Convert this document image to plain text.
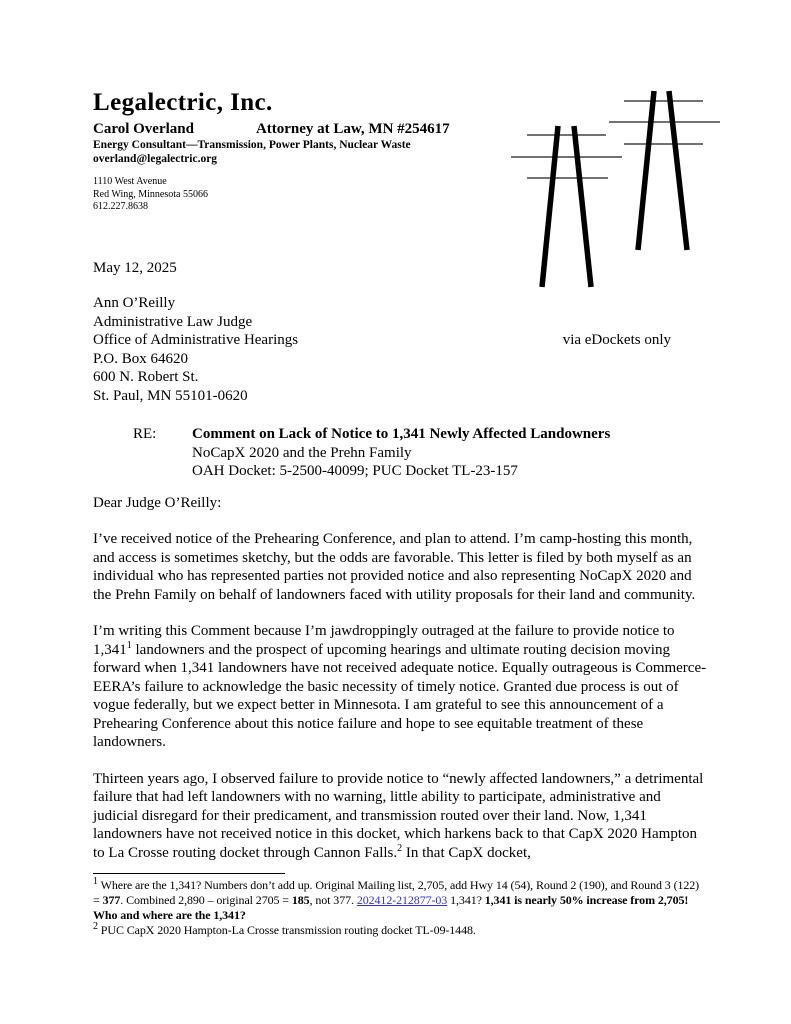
Legalectric, Inc.
Carol Overland	Attorney at Law, MN #254617
Energy Consultant—Transmission, Power Plants, Nuclear Waste
overland@legalectric.org
1110 West Avenue
Red Wing, Minnesota 55066
612.227.8638
May 12, 2025
Ann O’Reilly
Administrative Law Judge
Office of Administrative Hearings	via eDockets only
P.O. Box 64620
600 N. Robert St.
St. Paul, MN 55101-0620
RE:	Comment on Lack of Notice to 1,341 Newly Affected Landowners
NoCapX 2020 and the Prehn Family
OAH Docket: 5-2500-40099; PUC Docket TL-23-157
Dear Judge O’Reilly:

I’ve received notice of the Prehearing Conference, and plan to attend. I’m camp-hosting this month, and access is sometimes sketchy, but the odds are favorable. This letter is filed by both myself as an individual who has represented parties not provided notice and also representing NoCapX 2020 and the Prehn Family on behalf of landowners faced with utility proposals for their land and community.

I’m writing this Comment because I’m jawdroppingly outraged at the failure to provide notice to 1,341$^1$ landowners and the prospect of upcoming hearings and ultimate routing decision moving forward when 1,341 landowners have not received adequate notice. Equally outrageous is Commerce-EERA’s failure to acknowledge the basic necessity of timely notice. Granted due process is out of vogue federally, but we expect better in Minnesota. I am grateful to see this announcement of a Prehearing Conference about this notice failure and hope to see equitable treatment of these landowners.

Thirteen years ago, I observed failure to provide notice to “newly affected landowners,” a detrimental failure that had left landowners with no warning, little ability to participate, administrative and judicial disregard for their predicament, and transmission routed over their land. Now, 1,341 landowners have not received notice in this docket, which harkens back to that CapX 2020 Hampton to La Crosse routing docket through Cannon Falls.$^2$ In that CapX docket,

$^1$ Where are the 1,341? Numbers don’t add up. Original Mailing list, 2,705, add Hwy 14 (54), Round 2 (190), and Round 3 (122) = 377. Combined 2,890 – original 2705 = 185, not 377. 202412-212877-03 1,341? 1,341 is nearly 50% increase from 2,705! Who and where are the 1,341?

$^2$ PUC CapX 2020 Hampton-La Crosse transmission routing docket TL-09-1448.
